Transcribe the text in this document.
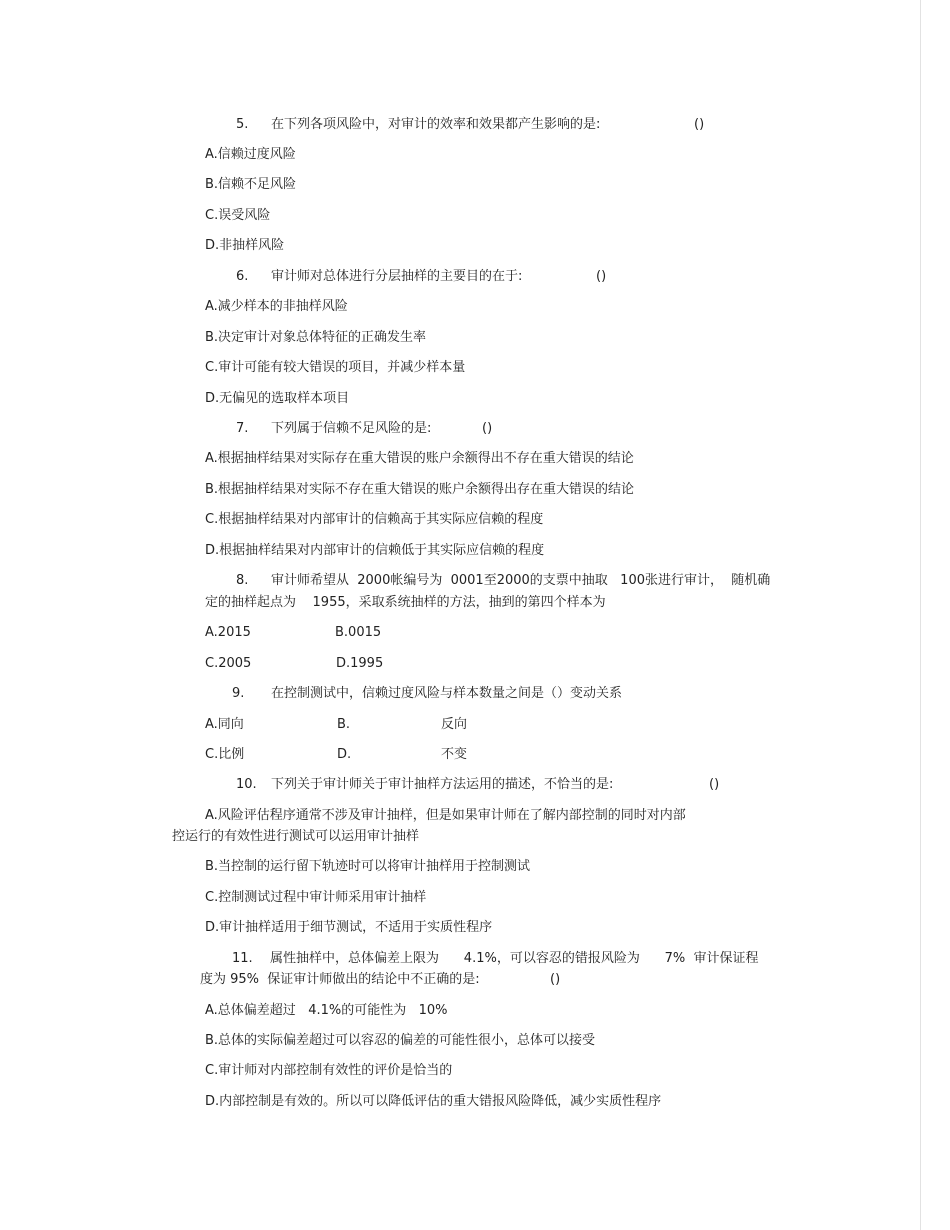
5. 在下列各项风险中，对审计的效率和效果都产生影响的是:	()
A.信赖过度风险
B.信赖不足风险
C.误受风险
D.非抽样风险
6. 审计师对总体进行分层抽样的主要目的在于:	()
A.减少样本的非抽样风险
B.决定审计对象总体特征的正确发生率
C.审计可能有较大错误的项目，并减少样本量
D.无偏见的选取样本项目
7. 下列属于信赖不足风险的是:	()
A.根据抽样结果对实际存在重大错误的账户余额得出不存在重大错误的结论
B.根据抽样结果对实际不存在重大错误的账户余额得出存在重大错误的结论
C.根据抽样结果对内部审计的信赖高于其实际应信赖的程度
D.根据抽样结果对内部审计的信赖低于其实际应信赖的程度
8. 审计师希望从  2000帐编号为  0001至2000的支票中抽取   100张进行审计，  随机确
定的抽样起点为    1955，采取系统抽样的方法，抽到的第四个样本为
A.2015	B.0015
C.2005	D.1995
9. 在控制测试中，信赖过度风险与样本数量之间是（）变动关系
A.同向	B.	反向
C.比例	D.	不变
10. 下列关于审计师关于审计抽样方法运用的描述，不恰当的是:	()
A.风险评估程序通常不涉及审计抽样，但是如果审计师在了解内部控制的同时对内部
控运行的有效性进行测试可以运用审计抽样
B.当控制的运行留下轨迹时可以将审计抽样用于控制测试
C.控制测试过程中审计师采用审计抽样
D.审计抽样适用于细节测试，不适用于实质性程序
11. 属性抽样中，总体偏差上限为      4.1%，可以容忍的错报风险为      7%  审计保证程
度为 95%  保证审计师做出的结论中不正确的是:	()
A.总体偏差超过   4.1%的可能性为   10%
B.总体的实际偏差超过可以容忍的偏差的可能性很小，总体可以接受
C.审计师对内部控制有效性的评价是恰当的
D.内部控制是有效的。所以可以降低评估的重大错报风险降低，减少实质性程序
